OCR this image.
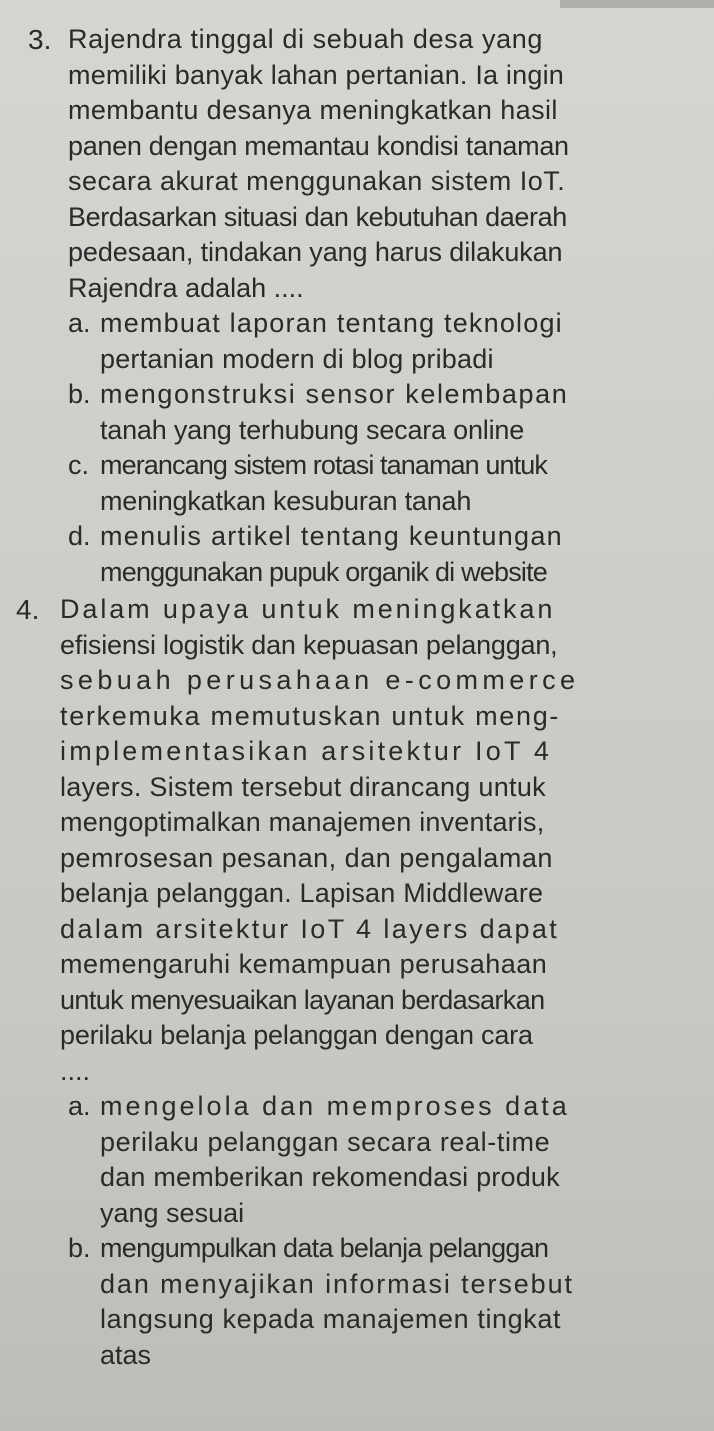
3. Rajendra tinggal di sebuah desa yang
memiliki banyak lahan pertanian. Ia ingin
membantu desanya meningkatkan hasil
panen dengan memantau kondisi tanaman
secara akurat menggunakan sistem IoT.
Berdasarkan situasi dan kebutuhan daerah
pedesaan, tindakan yang harus dilakukan
Rajendra adalah ....
a. membuat laporan tentang teknologi
pertanian modern di blog pribadi
b. mengonstruksi sensor kelembapan
tanah yang terhubung secara online
c. merancang sistem rotasi tanaman untuk
meningkatkan kesuburan tanah
d. menulis artikel tentang keuntungan
menggunakan pupuk organik di website
4. Dalam upaya untuk meningkatkan
efisiensi logistik dan kepuasan pelanggan,
sebuah perusahaan e-commerce
terkemuka memutuskan untuk meng-
implementasikan arsitektur IoT 4
layers. Sistem tersebut dirancang untuk
mengoptimalkan manajemen inventaris,
pemrosesan pesanan, dan pengalaman
belanja pelanggan. Lapisan Middleware
dalam arsitektur IoT 4 layers dapat
memengaruhi kemampuan perusahaan
untuk menyesuaikan layanan berdasarkan
perilaku belanja pelanggan dengan cara
....
a. mengelola dan memproses data
perilaku pelanggan secara real-time
dan memberikan rekomendasi produk
yang sesuai
b. mengumpulkan data belanja pelanggan
dan menyajikan informasi tersebut
langsung kepada manajemen tingkat
atas
